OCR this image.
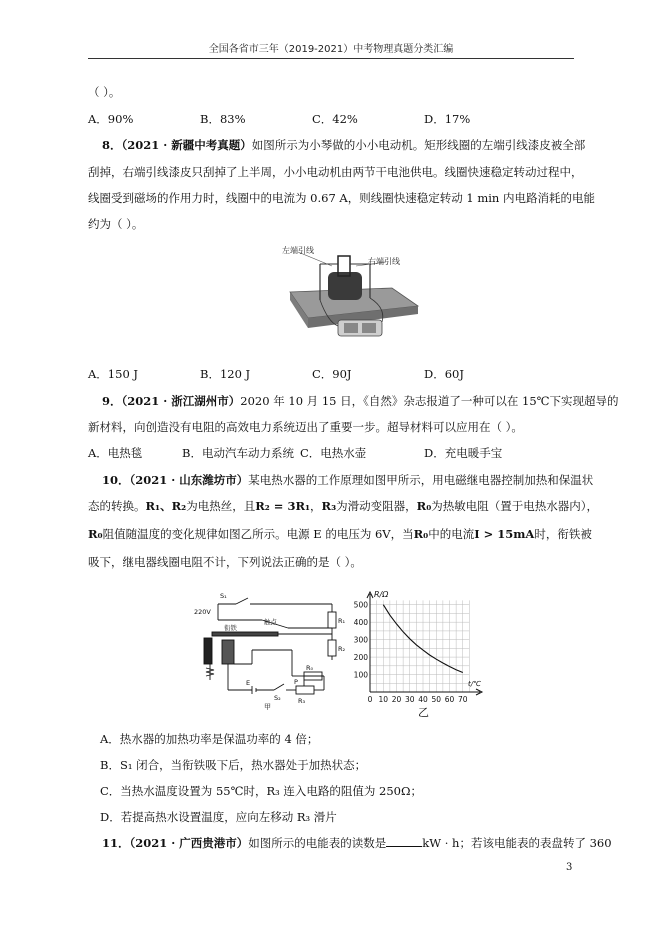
全国各省市三年（2019-2021）中考物理真题分类汇编
（ ）。
A．90%	B．83%	C．42%	D．17%
8．（2021 · 新疆中考真题）如图所示为小琴做的小小电动机。矩形线圈的左端引线漆皮被全部
刮掉，右端引线漆皮只刮掉了上半周，小小电动机由两节干电池供电。线圈快速稳定转动过程中，
线圈受到磁场的作用力时，线圈中的电流为 0.67 A，则线圈快速稳定转动 1 min 内电路消耗的电能
约为（ ）。
左端引线
右端引线
A．150 J	B．120 J	C．90J	D．60J
9．（2021 · 浙江湖州市）2020 年 10 月 15 日，《自然》杂志报道了一种可以在 15℃下实现超导的
新材料，向创造没有电阻的高效电力系统迈出了重要一步。超导材料可以应用在（ ）。
A．电热毯	B．电动汽车动力系统 C．电热水壶	D．充电暖手宝
10．（2021 · 山东潍坊市）某电热水器的工作原理如图甲所示，用电磁继电器控制加热和保温状
态的转换。R₁、R₂为电热丝，且R₂ = 3R₁，R₃为滑动变阻器，R₀为热敏电阻（置于电热水器内），
R₀阻值随温度的变化规律如图乙所示。电源 E 的电压为 6V，当R₀中的电流I > 15mA时，衔铁被
吸下，继电器线圈电阻不计，下列说法正确的是（ ）。
S₁
220V
衔铁
触点	R₁
R₂
R₀
E
S₂	R₃
P
甲
0 10 20 30 40 50 60 70
100
200
300
400
500
R/Ω
t/℃
乙
A．热水器的加热功率是保温功率的 4 倍；
B．S₁ 闭合，当衔铁吸下后，热水器处于加热状态；
C．当热水温度设置为 55℃时，R₃ 连入电路的阻值为 250Ω；
D．若提高热水设置温度，应向左移动 R₃ 滑片
11．（2021 · 广西贵港市）如图所示的电能表的读数是	kW · h；若该电能表的表盘转了 360
3
